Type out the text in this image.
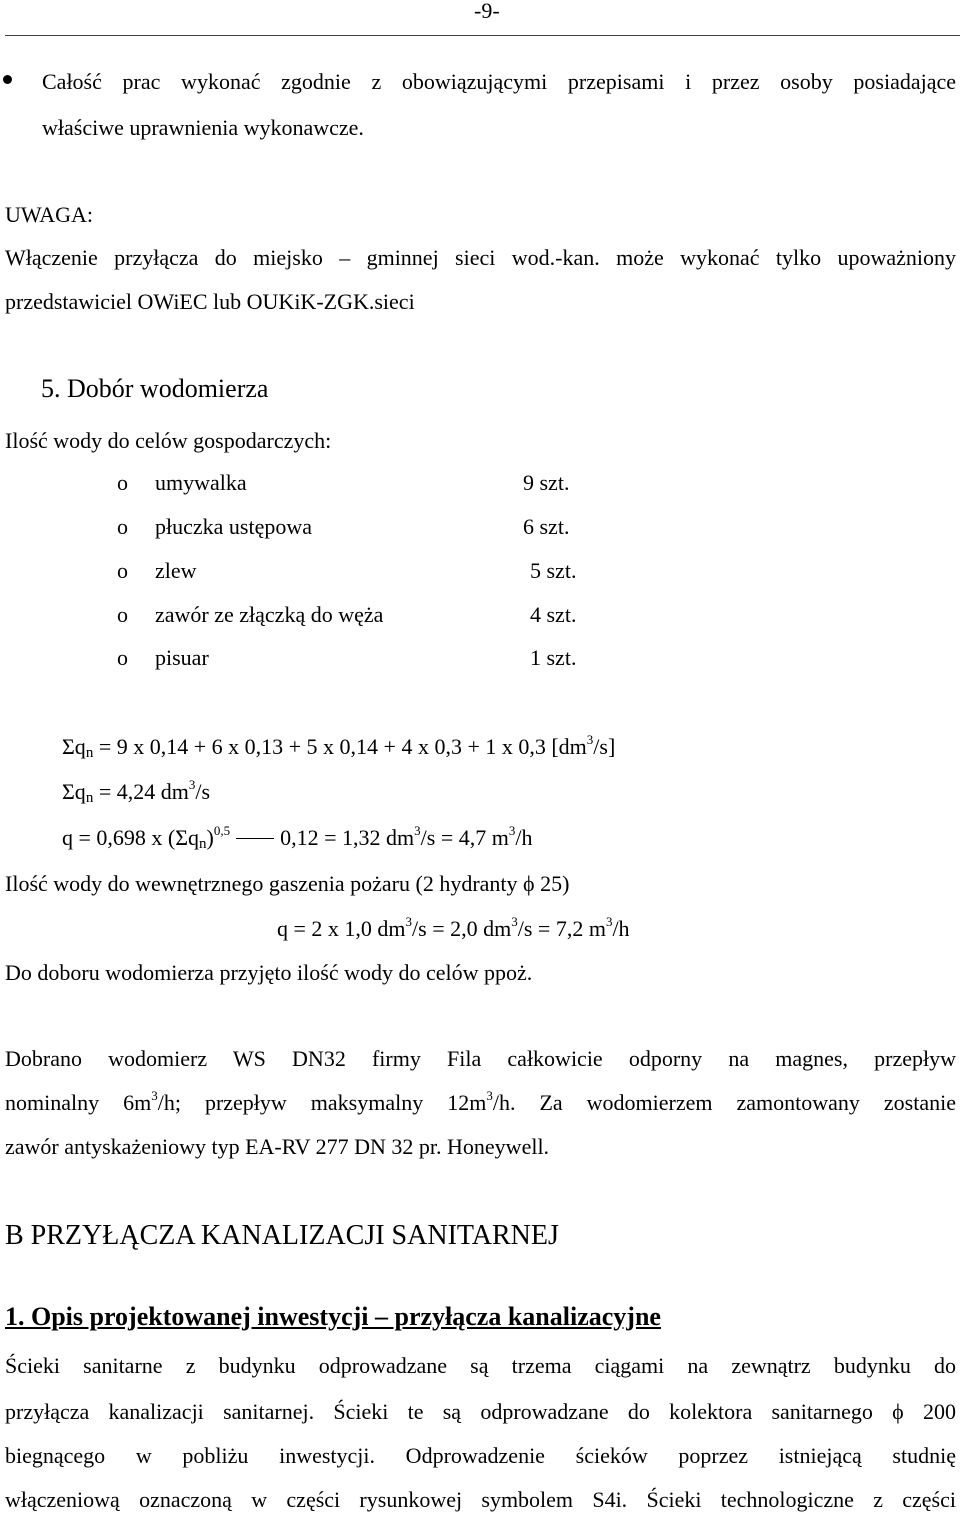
-9-
Całość prac wykonać zgodnie z obowiązującymi przepisami i przez osoby posiadające
właściwe uprawnienia wykonawcze.
UWAGA:
Włączenie przyłącza do miejsko – gminnej sieci wod.-kan. może wykonać tylko upoważniony
przedstawiciel OWiEC lub OUKiK-ZGK.sieci
5. Dobór wodomierza
Ilość wody do celów gospodarczych:
o umywalka	9 szt.
o płuczka ustępowa	6 szt.
o zlew	5 szt.
o zawór ze złączką do węża	4 szt.
o pisuar	1 szt.
$\Sigma q_n = 9$ x 0,14 + 6 x 0,13 + 5 x 0,14 + 4 x 0,3 + 1 x 0,3 $[dm^3/s]$
$\Sigma q_n = 4,24$ $dm^3/s$
q = 0,698 x $(\Sigma q_n)^{0,5}$ 0,12 = 1,32 $dm^3/s = 4,7$ $m^3/h$
Ilość wody do wewnętrznego gaszenia pożaru (2 hydranty ϕ 25)
q = 2 x 1,0 $dm^3/s = 2,0$ $dm^3/s = 7,2$ $m^3/h$
Do doboru wodomierza przyjęto ilość wody do celów ppoż.
Dobrano wodomierz WS DN32 firmy Fila całkowicie odporny na magnes, przepływ
nominalny $6m^3/h$; przepływ maksymalny $12m^3/h$. Za wodomierzem zamontowany zostanie
zawór antyskażeniowy typ EA-RV 277 DN 32 pr. Honeywell.
B PRZYŁĄCZA KANALIZACJI SANITARNEJ
1. Opis projektowanej inwestycji – przyłącza kanalizacyjne
Ścieki sanitarne z budynku odprowadzane są trzema ciągami na zewnątrz budynku do
przyłącza kanalizacji sanitarnej. Ścieki te są odprowadzane do kolektora sanitarnego ϕ 200
biegnącego w pobliżu inwestycji. Odprowadzenie ścieków poprzez istniejącą studnię
włączeniową oznaczoną w części rysunkowej symbolem S4i. Ścieki technologiczne z części
